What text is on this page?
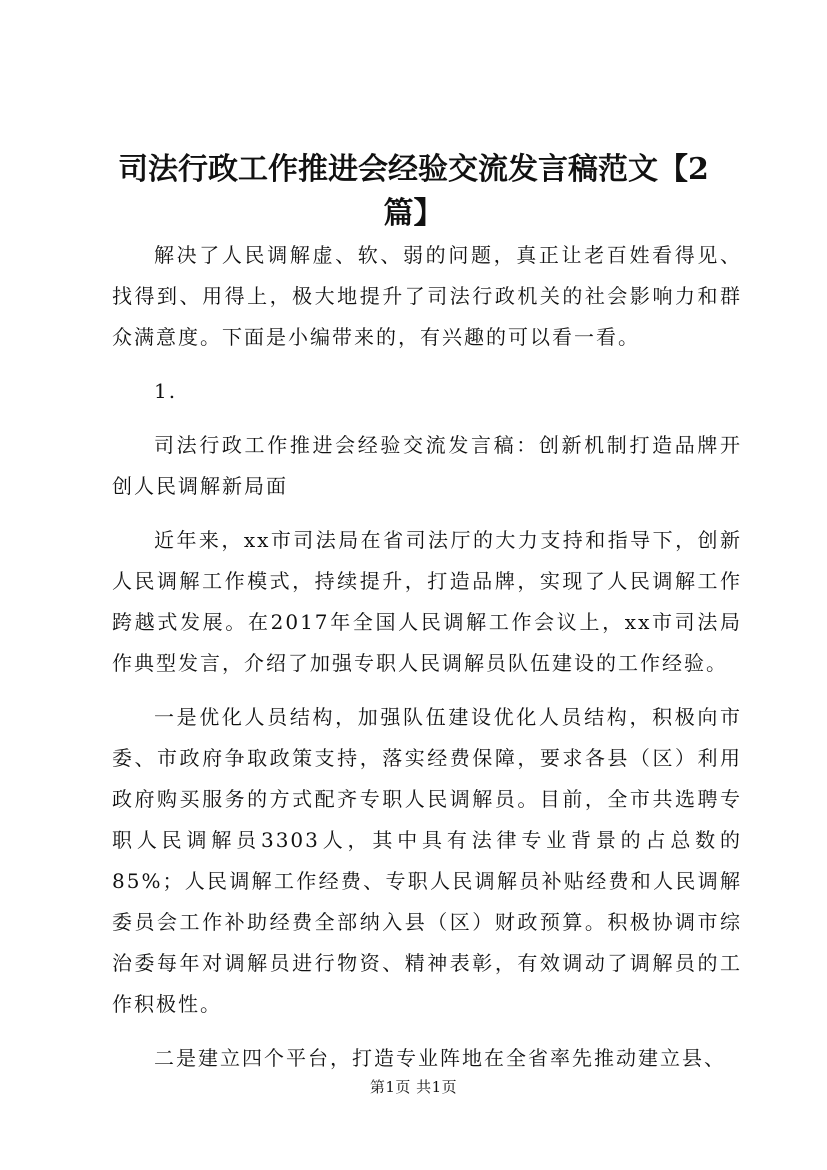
司法行政工作推进会经验交流发言稿范文【2篇】

解决了人民调解虚、软、弱的问题，真正让老百姓看得见、找得到、用得上，极大地提升了司法行政机关的社会影响力和群众满意度。下面是小编带来的，有兴趣的可以看一看。

1.

司法行政工作推进会经验交流发言稿：创新机制打造品牌开创人民调解新局面

近年来，xx市司法局在省司法厅的大力支持和指导下，创新人民调解工作模式，持续提升，打造品牌，实现了人民调解工作跨越式发展。在2017年全国人民调解工作会议上，xx市司法局作典型发言，介绍了加强专职人民调解员队伍建设的工作经验。

一是优化人员结构，加强队伍建设优化人员结构，积极向市委、市政府争取政策支持，落实经费保障，要求各县（区）利用政府购买服务的方式配齐专职人民调解员。目前，全市共选聘专职人民调解员3303人，其中具有法律专业背景的占总数的85%；人民调解工作经费、专职人民调解员补贴经费和人民调解委员会工作补助经费全部纳入县（区）财政预算。积极协调市综治委每年对调解员进行物资、精神表彰，有效调动了调解员的工作积极性。

二是建立四个平台，打造专业阵地在全省率先推动建立县、

第1页 共1页
